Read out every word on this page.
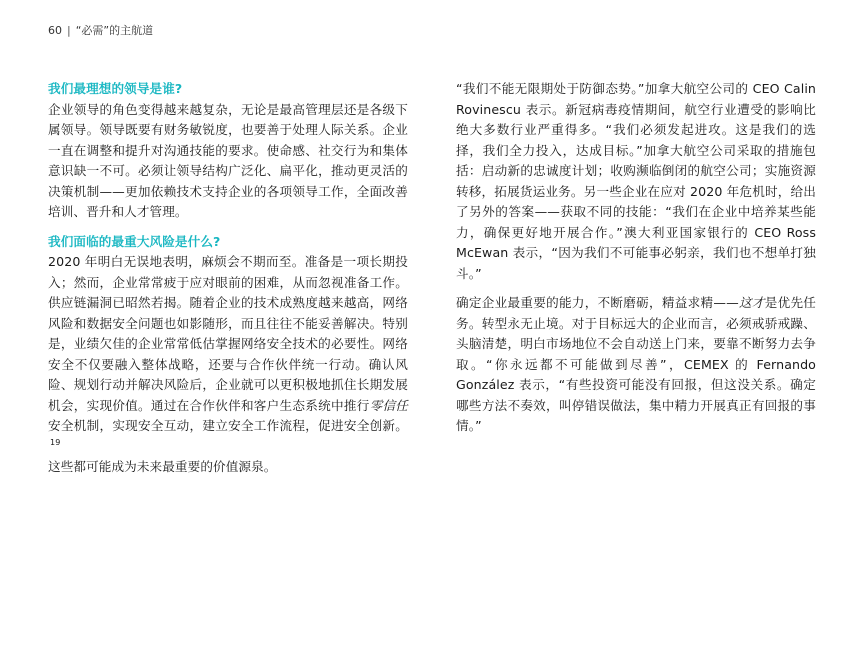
60 | “必需”的主航道

我们最理想的领导是谁?

企业领导的角色变得越来越复杂，无论是最高管理层还是各级下属领导。领导既要有财务敏锐度，也要善于处理人际关系。企业一直在调整和提升对沟通技能的要求。使命感、社交行为和集体意识缺一不可。必须让领导结构广泛化、扁平化，推动更灵活的决策机制——更加依赖技术支持企业的各项领导工作，全面改善培训、晋升和人才管理。

我们面临的最重大风险是什么?

2020 年明白无误地表明，麻烦会不期而至。准备是一项长期投入；然而，企业常常疲于应对眼前的困难，从而忽视准备工作。供应链漏洞已昭然若揭。随着企业的技术成熟度越来越高，网络风险和数据安全问题也如影随形，而且往往不能妥善解决。特别是，业绩欠佳的企业常常低估掌握网络安全技术的必要性。网络安全不仅要融入整体战略，还要与合作伙伴统一行动。确认风险、规划行动并解决风险后，企业就可以更积极地抓住长期发展机会，实现价值。通过在合作伙伴和客户生态系统中推行零信任安全机制，实现安全互动，建立安全工作流程，促进安全创新。$^{19}$
这些都可能成为未来最重要的价值源泉。

“我们不能无限期处于防御态势。”加拿大航空公司的 CEO Calin Rovinescu 表示。新冠病毒疫情期间，航空行业遭受的影响比绝大多数行业严重得多。“我们必须发起进攻。这是我们的选择，我们全力投入，达成目标。”加拿大航空公司采取的措施包括：启动新的忠诚度计划；收购濒临倒闭的航空公司；实施资源转移，拓展货运业务。另一些企业在应对 2020 年危机时，给出了另外的答案——获取不同的技能：“我们在企业中培养某些能力，确保更好地开展合作。”澳大利亚国家银行的 CEO Ross McEwan 表示，“因为我们不可能事必躬亲，我们也不想单打独斗。”

确定企业最重要的能力，不断磨砺，精益求精——这才是优先任务。转型永无止境。对于目标远大的企业而言，必须戒骄戒躁、头脑清楚，明白市场地位不会自动送上门来，要靠不断努力去争取。“你永远都不可能做到尽善”，CEMEX 的 Fernando González 表示，“有些投资可能没有回报，但这没关系。确定哪些方法不奏效，叫停错误做法，集中精力开展真正有回报的事情。”
